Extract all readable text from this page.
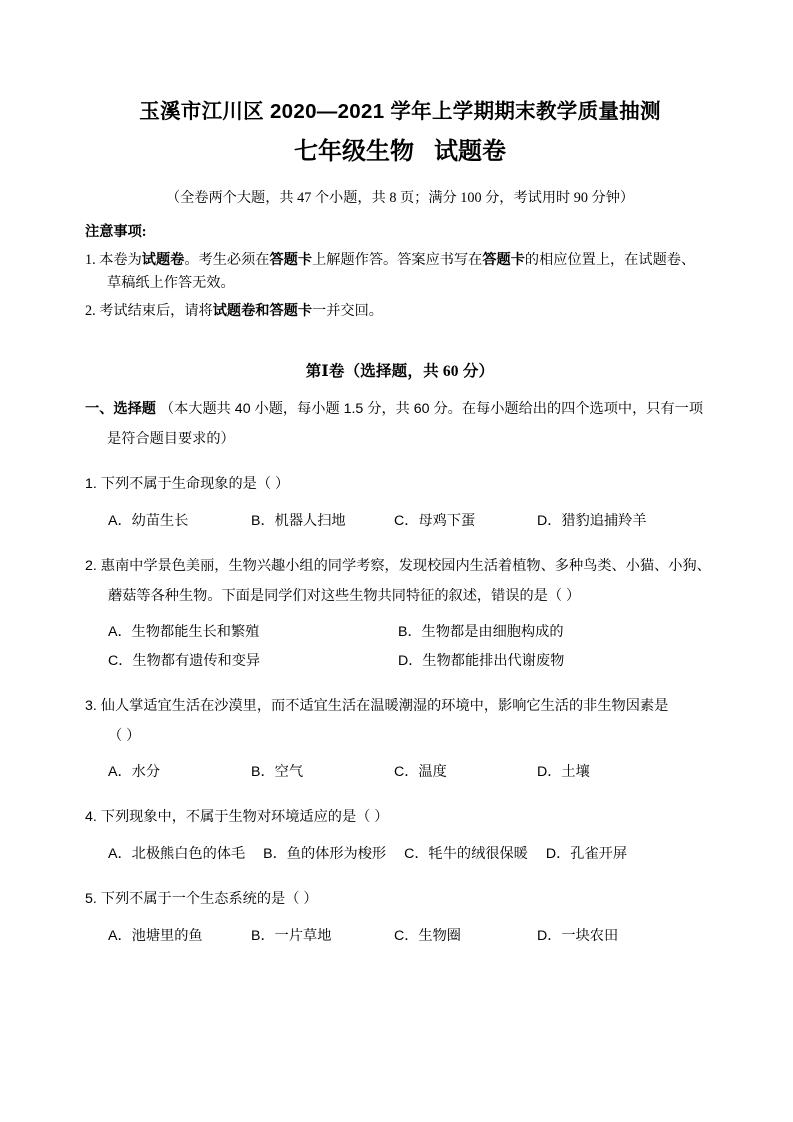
玉溪市江川区 2020—2021 学年上学期期末教学质量抽测
七年级生物   试题卷

（全卷两个大题，共 47 个小题，共 8 页；满分 100 分，考试用时 90 分钟）

注意事项:

1. 本卷为试题卷。考生必须在答题卡上解题作答。答案应书写在答题卡的相应位置上，在试题卷、
草稿纸上作答无效。

2. 考试结束后，请将试题卷和答题卡一并交回。

第Ⅰ卷（选择题，共 60 分）

一、选择题 （本大题共 40 小题，每小题 1.5 分，共 60 分。在每小题给出的四个选项中，只有一项
是符合题目要求的）

1. 下列不属于生命现象的是（ ）

A．幼苗生长	B．机器人扫地	C．母鸡下蛋	D．猎豹追捕羚羊

2. 惠南中学景色美丽，生物兴趣小组的同学考察，发现校园内生活着植物、多种鸟类、小猫、小狗、
蘑菇等各种生物。下面是同学们对这些生物共同特征的叙述，错误的是（ ）

A．生物都能生长和繁殖	B．生物都是由细胞构成的
C．生物都有遗传和变异	D．生物都能排出代谢废物

3. 仙人掌适宜生活在沙漠里，而不适宜生活在温暖潮湿的环境中，影响它生活的非生物因素是
（ ）

A．水分	B．空气	C．温度	D．土壤

4. 下列现象中，不属于生物对环境适应的是（ ）

A．北极熊白色的体毛 B．鱼的体形为梭形 C．牦牛的绒很保暖 D．孔雀开屏

5. 下列不属于一个生态系统的是（ ）

A．池塘里的鱼	B．一片草地	C．生物圈	D．一块农田
